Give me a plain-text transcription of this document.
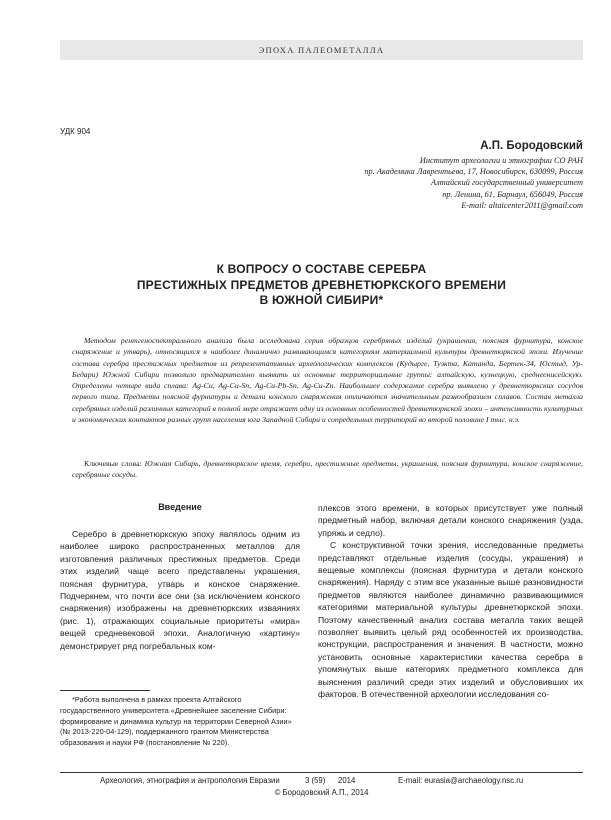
ЭПОХА ПАЛЕОМЕТАЛЛА
УДК 904
А.П. Бородовский
Институт археологии и этнографии СО РАН
пр. Академика Лаврентьева, 17, Новосибирск, 630099, Россия
Алтайский государственный университет
пр. Ленина, 61, Барнаул, 656049, Россия
E-mail: altaicenter2011@gmail.com
К ВОПРОСУ О СОСТАВЕ СЕРЕБРА
ПРЕСТИЖНЫХ ПРЕДМЕТОВ ДРЕВНЕТЮРКСКОГО ВРЕМЕНИ
В ЮЖНОЙ СИБИРИ*

Методом рентгеноспектрального анализа была исследована серия образцов серебряных изделий (украшения, поясная фурнитура, конское снаряжение и утварь), относящихся к наиболее динамично развивающимся категориям материальной культуры древнетюркской эпохи. Изучение состава серебра престижных предметов из репрезентативных археологических комплексов (Кудырге, Туэкта, Катанда, Бертек-34, Юстыд, Ур-Бедари) Южной Сибири позволило предварительно выявить их основные территориальные группы: алтайскую, кузнецкую, среднеенисейскую. Определены четыре вида сплава: Ag-Cu, Ag-Cu-Sn, Ag-Cu-Pb-Sn, Ag-Cu-Zn. Наибольшее содержание серебра выявлено у древнетюркских сосудов первого типа. Предметы поясной фурнитуры и детали конского снаряжения отличаются значительным разнообразием сплавов. Состав металла серебряных изделий различных категорий в полной мере отражает одну из основных особенностей древнетюркской эпохи – интенсивность культурных и экономических контактов разных групп населения юга Западной Сибири и сопредельных территорий во второй половине I тыс. н.э.

Ключевые слова: Южная Сибирь, древнетюркское время, серебро, престижные предметы, украшения, поясная фурнитура, конское снаряжение, серебряные сосуды.
Введение

Серебро в древнетюркскую эпоху являлось одним из наиболее широко распространенных металлов для изготовления различных престижных предметов. Среди этих изделий чаще всего представлены украшения, поясная фурнитура, утварь и конское снаряжение. Подчеркнем, что почти все они (за исключением конского снаряжения) изображены на древнетюркских изваяниях (рис. 1), отражающих социальные приоритеты «мира» вещей средневековой эпохи. Аналогичную «картину» демонстрирует ряд погребальных ком-

плексов этого времени, в которых присутствует уже полный предметный набор, включая детали конского снаряжения (узда, упряжь и седло).

С конструктивной точки зрения, исследованные предметы представляют отдельные изделия (сосуды, украшения) и вещевые комплексы (поясная фурнитура и детали конского снаряжения). Наряду с этим все указанные выше разновидности предметов являются наиболее динамично развивающимися категориями материальной культуры древнетюркской эпохи. Поэтому качественный анализ состава металла таких вещей позволяет выявить целый ряд особенностей их производства, конструкции, распространения и значения. В частности, можно установить основные характеристики качества серебра в упомянутых выше категориях предметного комплекса для выяснения различий среди этих изделий и обусловивших их факторов. В отечественной археологии исследования со-

*Работа выполнена в рамках проекта Алтайского государственного университета «Древнейшее заселение Сибири: формирование и динамика культур на территории Северной Азии» (№ 2013-220-04-129), поддержанного грантом Министерства образования и науки РФ (постановление № 220).
Археология, этнография и антропология Евразии	3 (59) 2014	E-mail: eurasia@archaeology.nsc.ru
© Бородовский А.П., 2014
